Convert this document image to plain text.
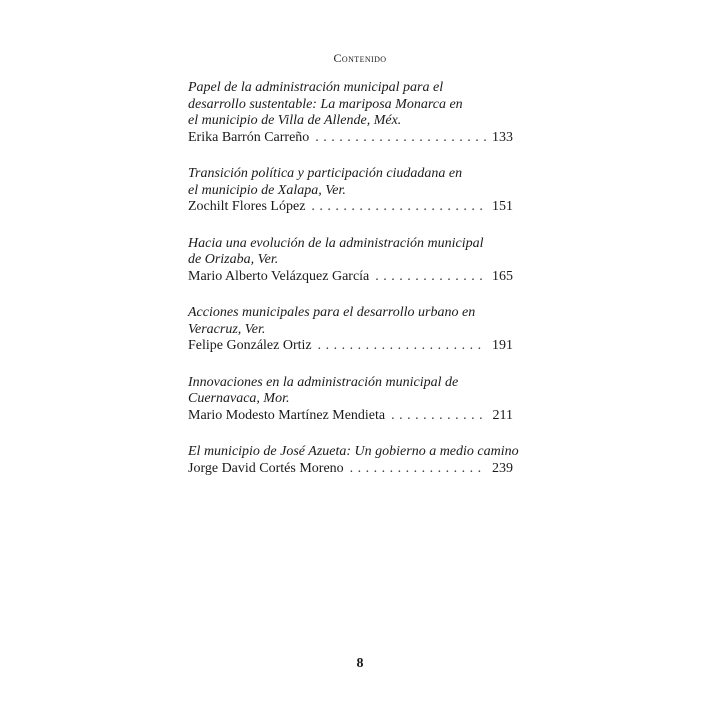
Contenido
Papel de la administración municipal para el
desarrollo sustentable: La mariposa Monarca en
el municipio de Villa de Allende, Méx.
Erika Barrón Carreño . . .	133
Transición política y participación ciudadana en
el municipio de Xalapa, Ver.
Zochilt Flores López . . .	151
Hacia una evolución de la administración municipal
de Orizaba, Ver.
Mario Alberto Velázquez García . . .	165
Acciones municipales para el desarrollo urbano en
Veracruz, Ver.
Felipe González Ortiz . . .	191
Innovaciones en la administración municipal de
Cuernavaca, Mor.
Mario Modesto Martínez Mendieta . . .	211
El municipio de José Azueta: Un gobierno a medio camino
Jorge David Cortés Moreno . . .	239
8
